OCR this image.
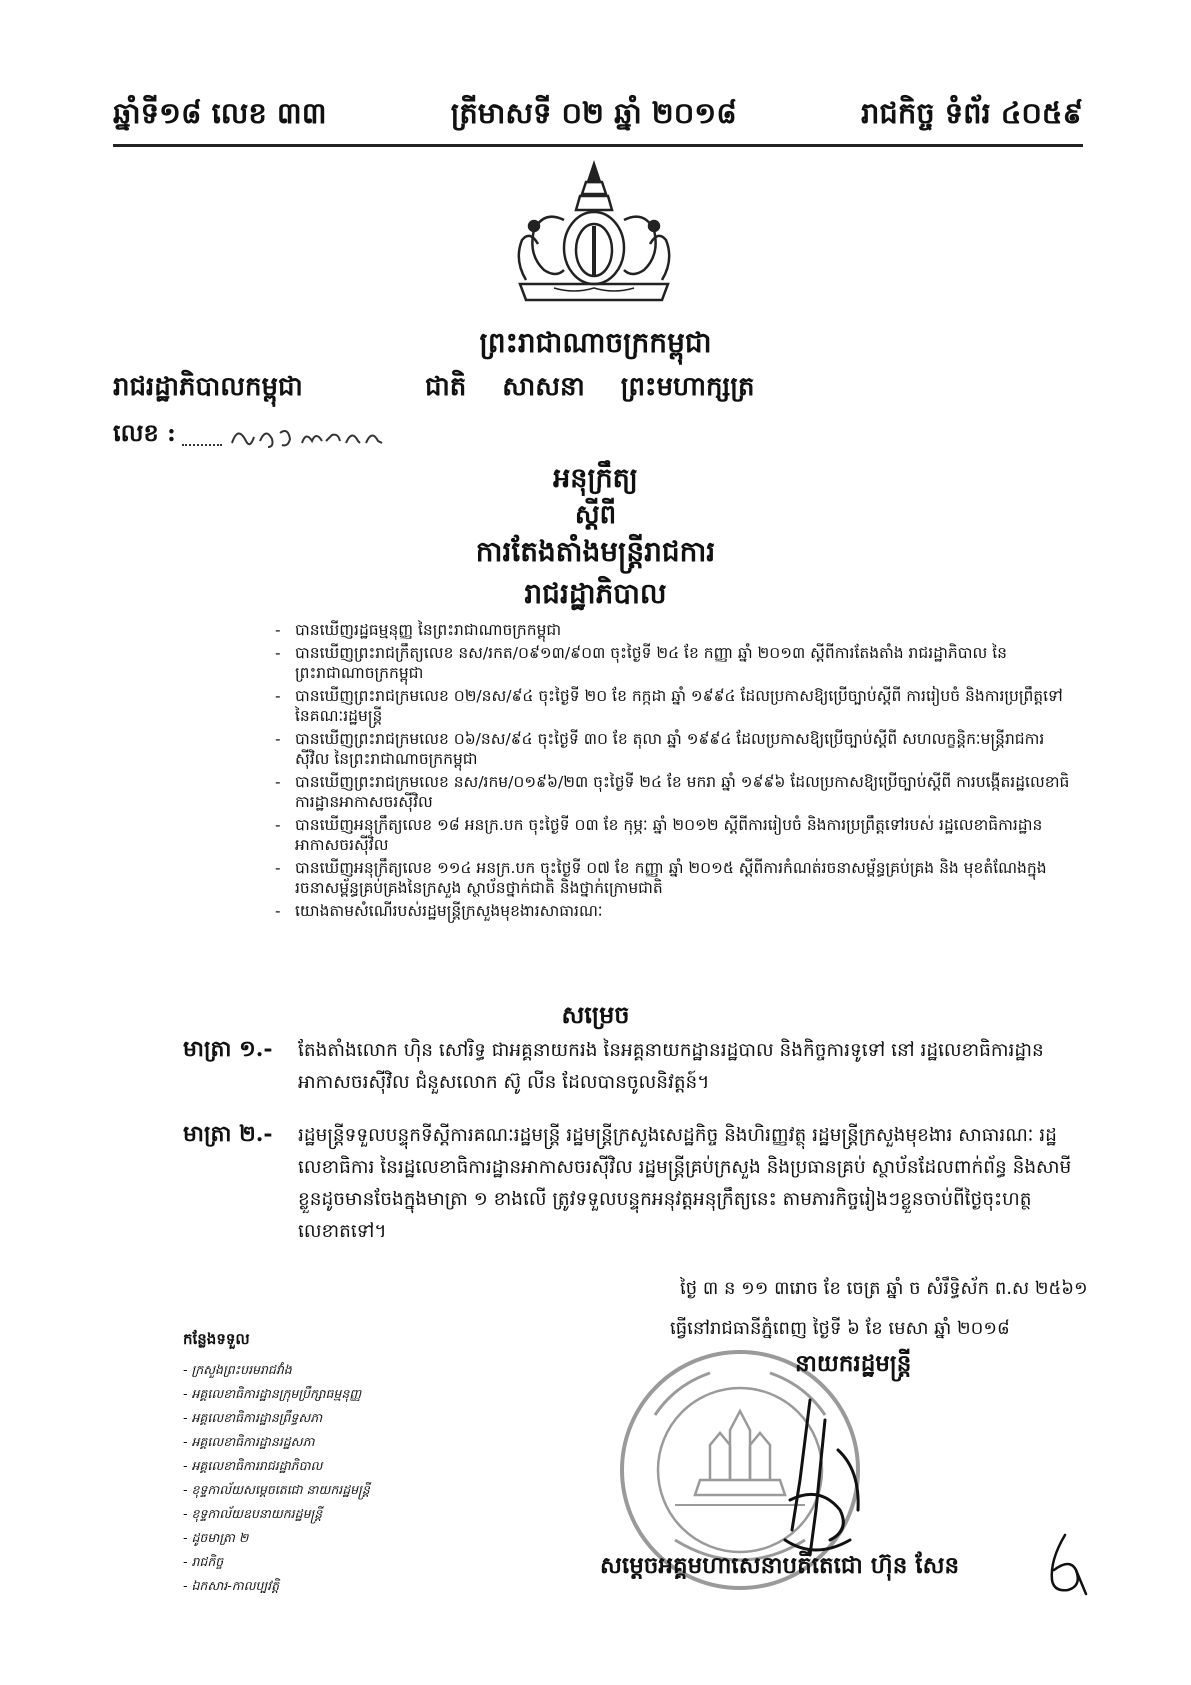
ឆ្នាំទី១៨ លេខ ៣៣	ត្រីមាសទី ០២ ឆ្នាំ ២០១៨	រាជកិច្ច ទំព័រ ៤០៥៩
ព្រះរាជាណាចក្រកម្ពុជា
រាជរដ្ឋាភិបាលកម្ពុជា	ជាតិ សាសនា ព្រះមហាក្សត្រ
លេខ :
អនុក្រឹត្យ
ស្តីពី
ការតែងតាំងមន្ត្រីរាជការ
រាជរដ្ឋាភិបាល
- បានឃើញរដ្ឋធម្មនុញ្ញ នៃព្រះរាជាណាចក្រកម្ពុជា
- បានឃើញព្រះរាជក្រឹត្យលេខ នស/រកត/០៩១៣/៩០៣ ចុះថ្ងៃទី ២៤ ខែ កញ្ញា ឆ្នាំ ២០១៣ ស្តីពីការតែងតាំង រាជរដ្ឋាភិបាល នៃព្រះរាជាណាចក្រកម្ពុជា
- បានឃើញព្រះរាជក្រមលេខ ០២/នស/៩៤ ចុះថ្ងៃទី ២០ ខែ កក្កដា ឆ្នាំ ១៩៩៤ ដែលប្រកាសឱ្យប្រើច្បាប់ស្តីពី ការរៀបចំ និងការប្រព្រឹត្តទៅ នៃគណៈរដ្ឋមន្ត្រី
- បានឃើញព្រះរាជក្រមលេខ ០៦/នស/៩៤ ចុះថ្ងៃទី ៣០ ខែ តុលា ឆ្នាំ ១៩៩៤ ដែលប្រកាសឱ្យប្រើច្បាប់ស្តីពី សហលក្ខន្តិកៈមន្ត្រីរាជការស៊ីវិល នៃព្រះរាជាណាចក្រកម្ពុជា
- បានឃើញព្រះរាជក្រមលេខ នស/រកម/០១៩៦/២៣ ចុះថ្ងៃទី ២៤ ខែ មករា ឆ្នាំ ១៩៩៦ ដែលប្រកាសឱ្យប្រើច្បាប់ស្តីពី ការបង្កើតរដ្ឋលេខាធិការដ្ឋានអាកាសចរស៊ីវិល
- បានឃើញអនុក្រឹត្យលេខ ១៨ អនក្រ.បក ចុះថ្ងៃទី ០៣ ខែ កុម្ភៈ ឆ្នាំ ២០១២ ស្តីពីការរៀបចំ និងការប្រព្រឹត្តទៅរបស់ រដ្ឋលេខាធិការដ្ឋានអាកាសចរស៊ីវិល
- បានឃើញអនុក្រឹត្យលេខ ១១៤ អនក្រ.បក ចុះថ្ងៃទី ០៧ ខែ កញ្ញា ឆ្នាំ ២០១៥ ស្តីពីការកំណត់រចនាសម្ព័ន្ធគ្រប់គ្រង និង មុខតំណែងក្នុងរចនាសម្ព័ន្ធគ្រប់គ្រងនៃក្រសួង ស្ថាប័នថ្នាក់ជាតិ និងថ្នាក់ក្រោមជាតិ
- យោងតាមសំណើរបស់រដ្ឋមន្ត្រីក្រសួងមុខងារសាធារណៈ
សម្រេច
មាត្រា ១.-	តែងតាំងលោក ហ៊ិន សៅរិទ្ធ ជាអគ្គនាយករង នៃអគ្គនាយកដ្ឋានរដ្ឋបាល និងកិច្ចការទូទៅ នៅ រដ្ឋលេខាធិការដ្ឋានអាកាសចរស៊ីវិល ជំនួសលោក ស៊ូ លីន ដែលបានចូលនិវត្តន៍។
មាត្រា ២.-	រដ្ឋមន្ត្រីទទួលបន្ទុកទីស្តីការគណៈរដ្ឋមន្ត្រី រដ្ឋមន្ត្រីក្រសួងសេដ្ឋកិច្ច និងហិរញ្ញវត្ថុ រដ្ឋមន្ត្រីក្រសួងមុខងារ សាធារណៈ រដ្ឋលេខាធិការ នៃរដ្ឋលេខាធិការដ្ឋានអាកាសចរស៊ីវិល រដ្ឋមន្ត្រីគ្រប់ក្រសួង និងប្រធានគ្រប់ ស្ថាប័នដែលពាក់ព័ន្ធ និងសាមីខ្លួនដូចមានចែងក្នុងមាត្រា ១ ខាងលើ ត្រូវទទួលបន្ទុកអនុវត្តអនុក្រឹត្យនេះ តាមភារកិច្ចរៀងៗខ្លួនចាប់ពីថ្ងៃចុះហត្ថលេខាតទៅ។
ថ្ងៃ ៣ ន ១១ ៣រោច ខែ ចេត្រ ឆ្នាំ ច សំរឹទ្ធិស័ក ព.ស ២៥៦១
ធ្វើនៅរាជធានីភ្នំពេញ ថ្ងៃទី ៦ ខែ មេសា ឆ្នាំ ២០១៨
នាយករដ្ឋមន្ត្រី
សម្តេចអគ្គមហាសេនាបតីតេជោ ហ៊ុន សែន
កន្លែងទទួល
- ក្រសួងព្រះបរមរាជវាំង
- អគ្គលេខាធិការដ្ឋានក្រុមប្រឹក្សាធម្មនុញ្ញ
- អគ្គលេខាធិការដ្ឋានព្រឹទ្ធសភា
- អគ្គលេខាធិការដ្ឋានរដ្ឋសភា
- អគ្គលេខាធិការរាជរដ្ឋាភិបាល
- ខុទ្ទកាល័យសម្តេចតេជោ នាយករដ្ឋមន្ត្រី
- ខុទ្ទកាល័យឧបនាយករដ្ឋមន្ត្រី
- ដូចមាត្រា ២
- រាជកិច្ច
- ឯកសារ-កាលប្បវត្តិ
